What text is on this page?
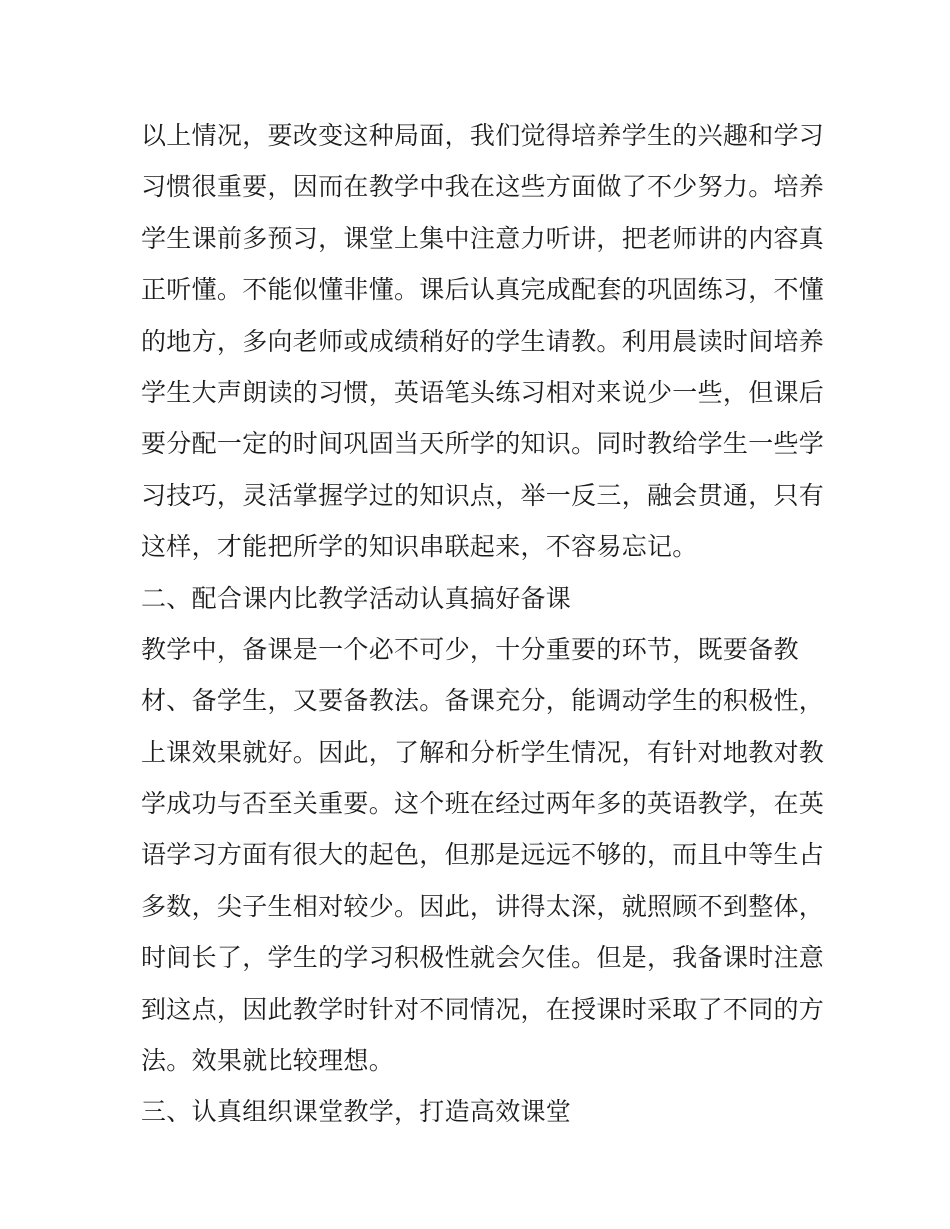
以上情况，要改变这种局面，我们觉得培养学生的兴趣和学习
习惯很重要，因而在教学中我在这些方面做了不少努力。培养
学生课前多预习，课堂上集中注意力听讲，把老师讲的内容真
正听懂。不能似懂非懂。课后认真完成配套的巩固练习，不懂
的地方，多向老师或成绩稍好的学生请教。利用晨读时间培养
学生大声朗读的习惯，英语笔头练习相对来说少一些，但课后
要分配一定的时间巩固当天所学的知识。同时教给学生一些学
习技巧，灵活掌握学过的知识点，举一反三，融会贯通，只有
这样，才能把所学的知识串联起来，不容易忘记。
二、配合课内比教学活动认真搞好备课
教学中，备课是一个必不可少，十分重要的环节，既要备教
材、备学生，又要备教法。备课充分，能调动学生的积极性，
上课效果就好。因此，了解和分析学生情况，有针对地教对教
学成功与否至关重要。这个班在经过两年多的英语教学，在英
语学习方面有很大的起色，但那是远远不够的，而且中等生占
多数，尖子生相对较少。因此，讲得太深，就照顾不到整体，
时间长了，学生的学习积极性就会欠佳。但是，我备课时注意
到这点，因此教学时针对不同情况，在授课时采取了不同的方
法。效果就比较理想。
三、认真组织课堂教学，打造高效课堂
